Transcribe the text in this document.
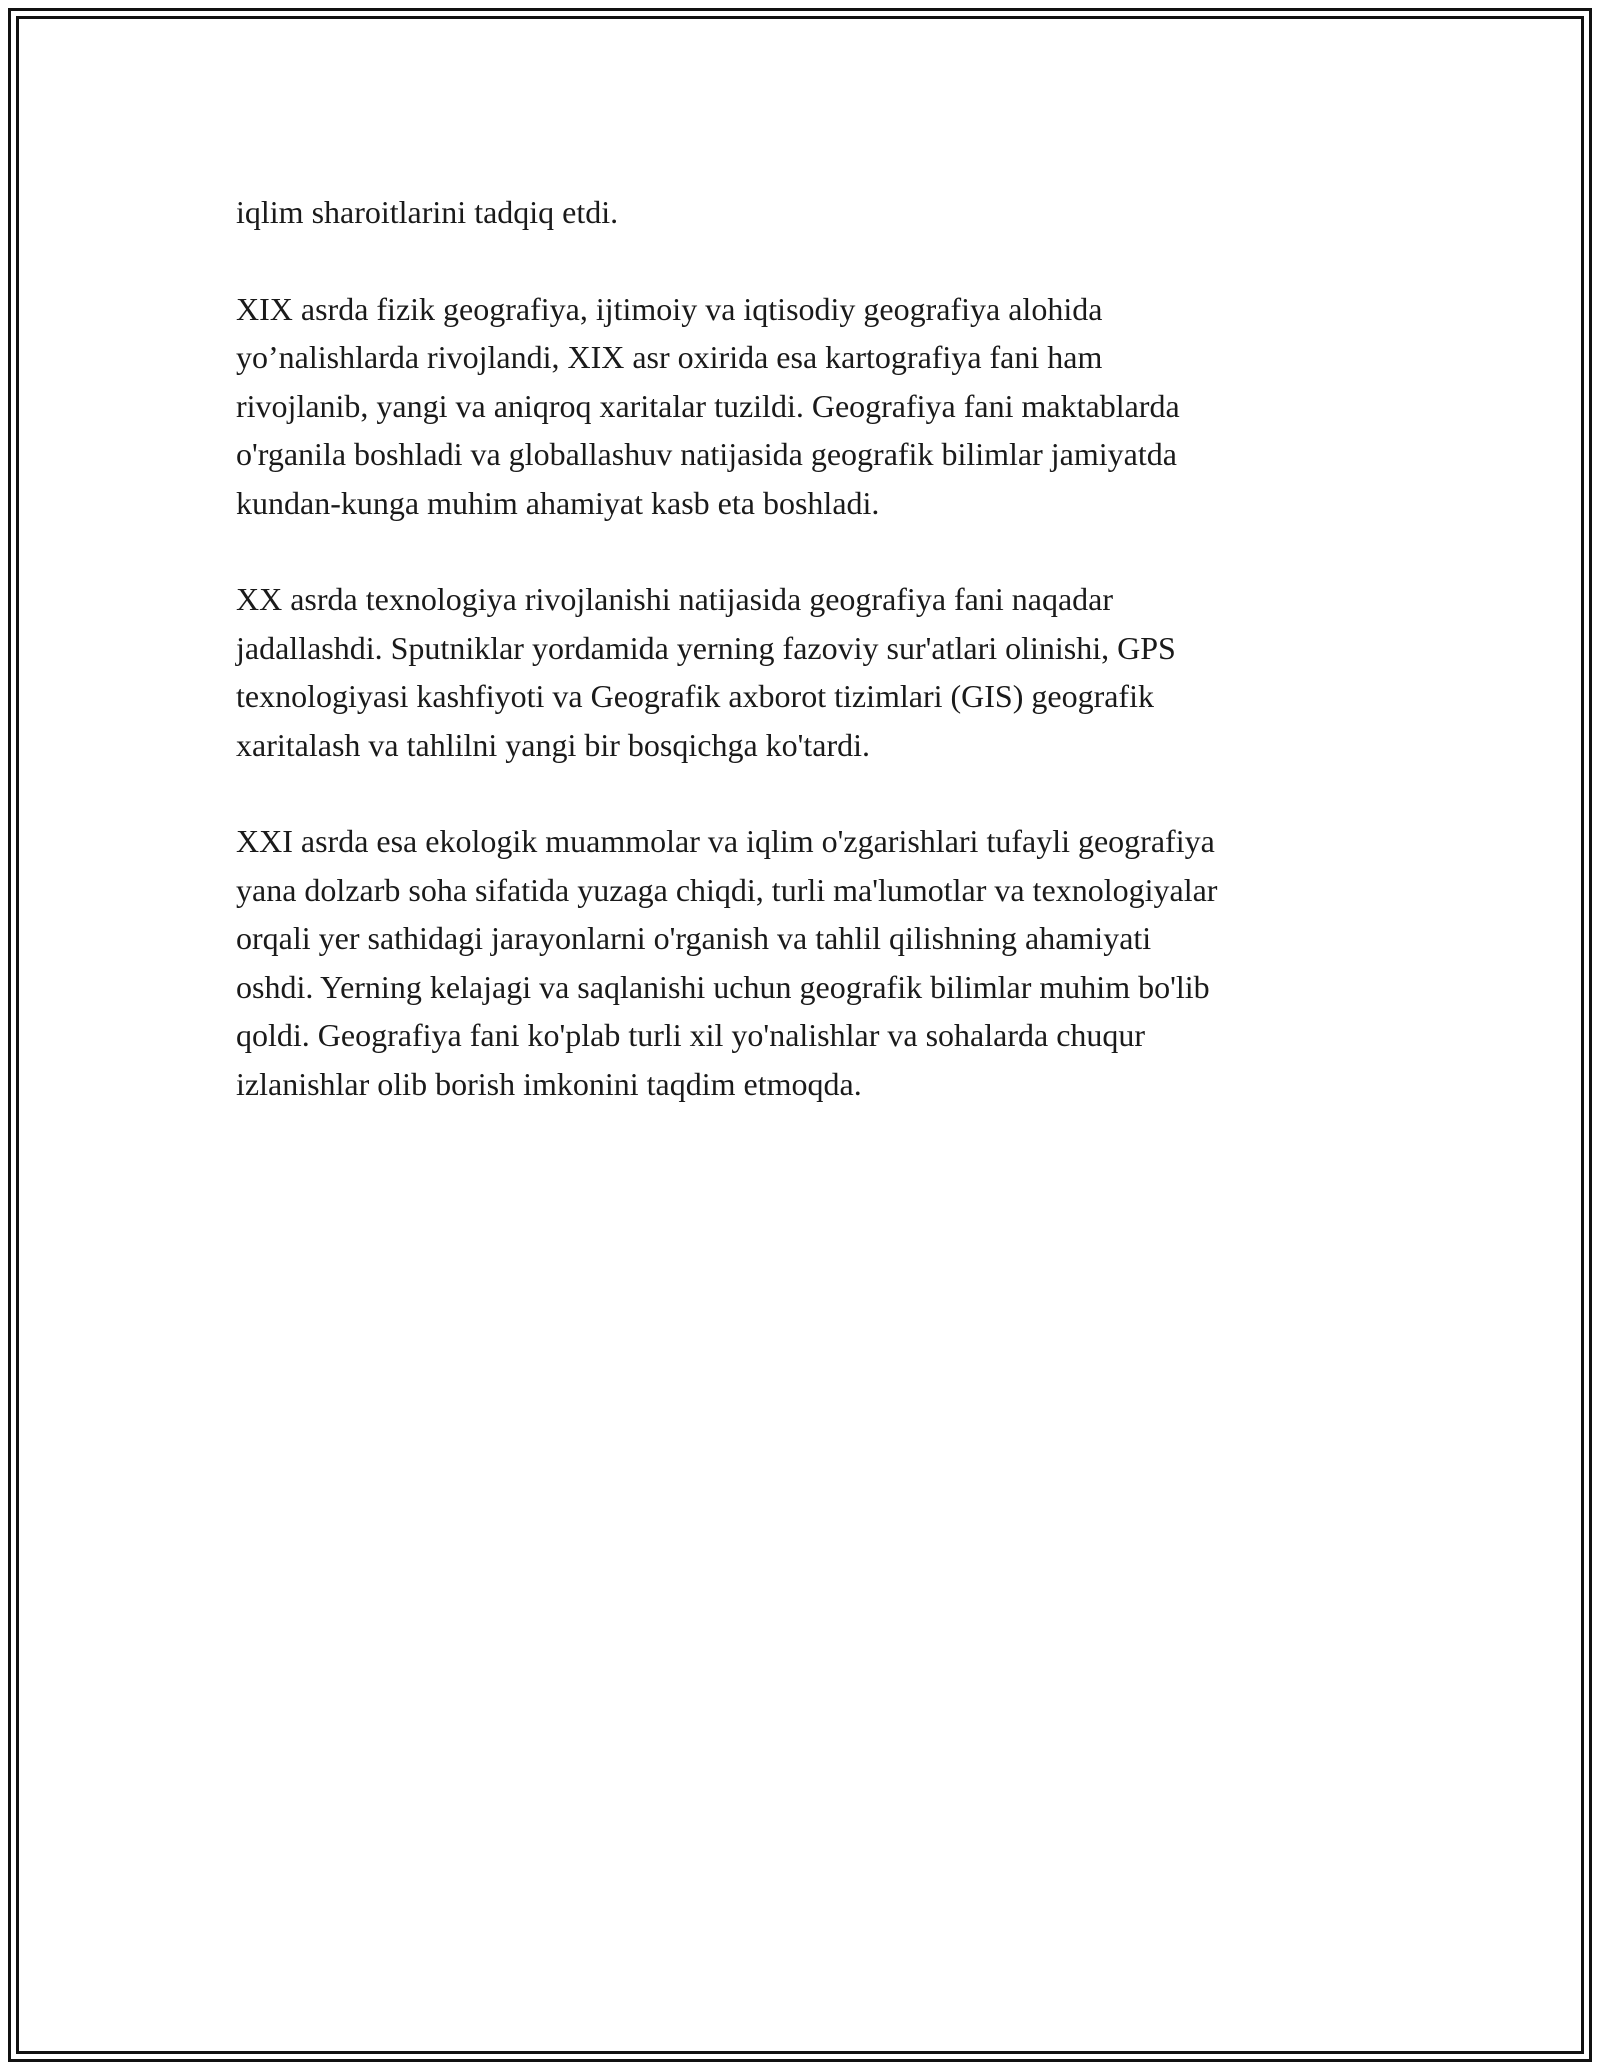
iqlim sharoitlarini tadqiq etdi.

XIX asrda fizik geografiya, ijtimoiy va iqtisodiy geografiya alohida
yo’nalishlarda rivojlandi, XIX asr oxirida esa kartografiya fani ham
rivojlanib, yangi va aniqroq xaritalar tuzildi. Geografiya fani maktablarda
o'rganila boshladi va globallashuv natijasida geografik bilimlar jamiyatda
kundan-kunga muhim ahamiyat kasb eta boshladi.

XX asrda texnologiya rivojlanishi natijasida geografiya fani naqadar
jadallashdi. Sputniklar yordamida yerning fazoviy sur'atlari olinishi, GPS
texnologiyasi kashfiyoti va Geografik axborot tizimlari (GIS) geografik
xaritalash va tahlilni yangi bir bosqichga ko'tardi.

XXI asrda esa ekologik muammolar va iqlim o'zgarishlari tufayli geografiya
yana dolzarb soha sifatida yuzaga chiqdi, turli ma'lumotlar va texnologiyalar
orqali yer sathidagi jarayonlarni o'rganish va tahlil qilishning ahamiyati
oshdi. Yerning kelajagi va saqlanishi uchun geografik bilimlar muhim bo'lib
qoldi. Geografiya fani ko'plab turli xil yo'nalishlar va sohalarda chuqur
izlanishlar olib borish imkonini taqdim etmoqda.
